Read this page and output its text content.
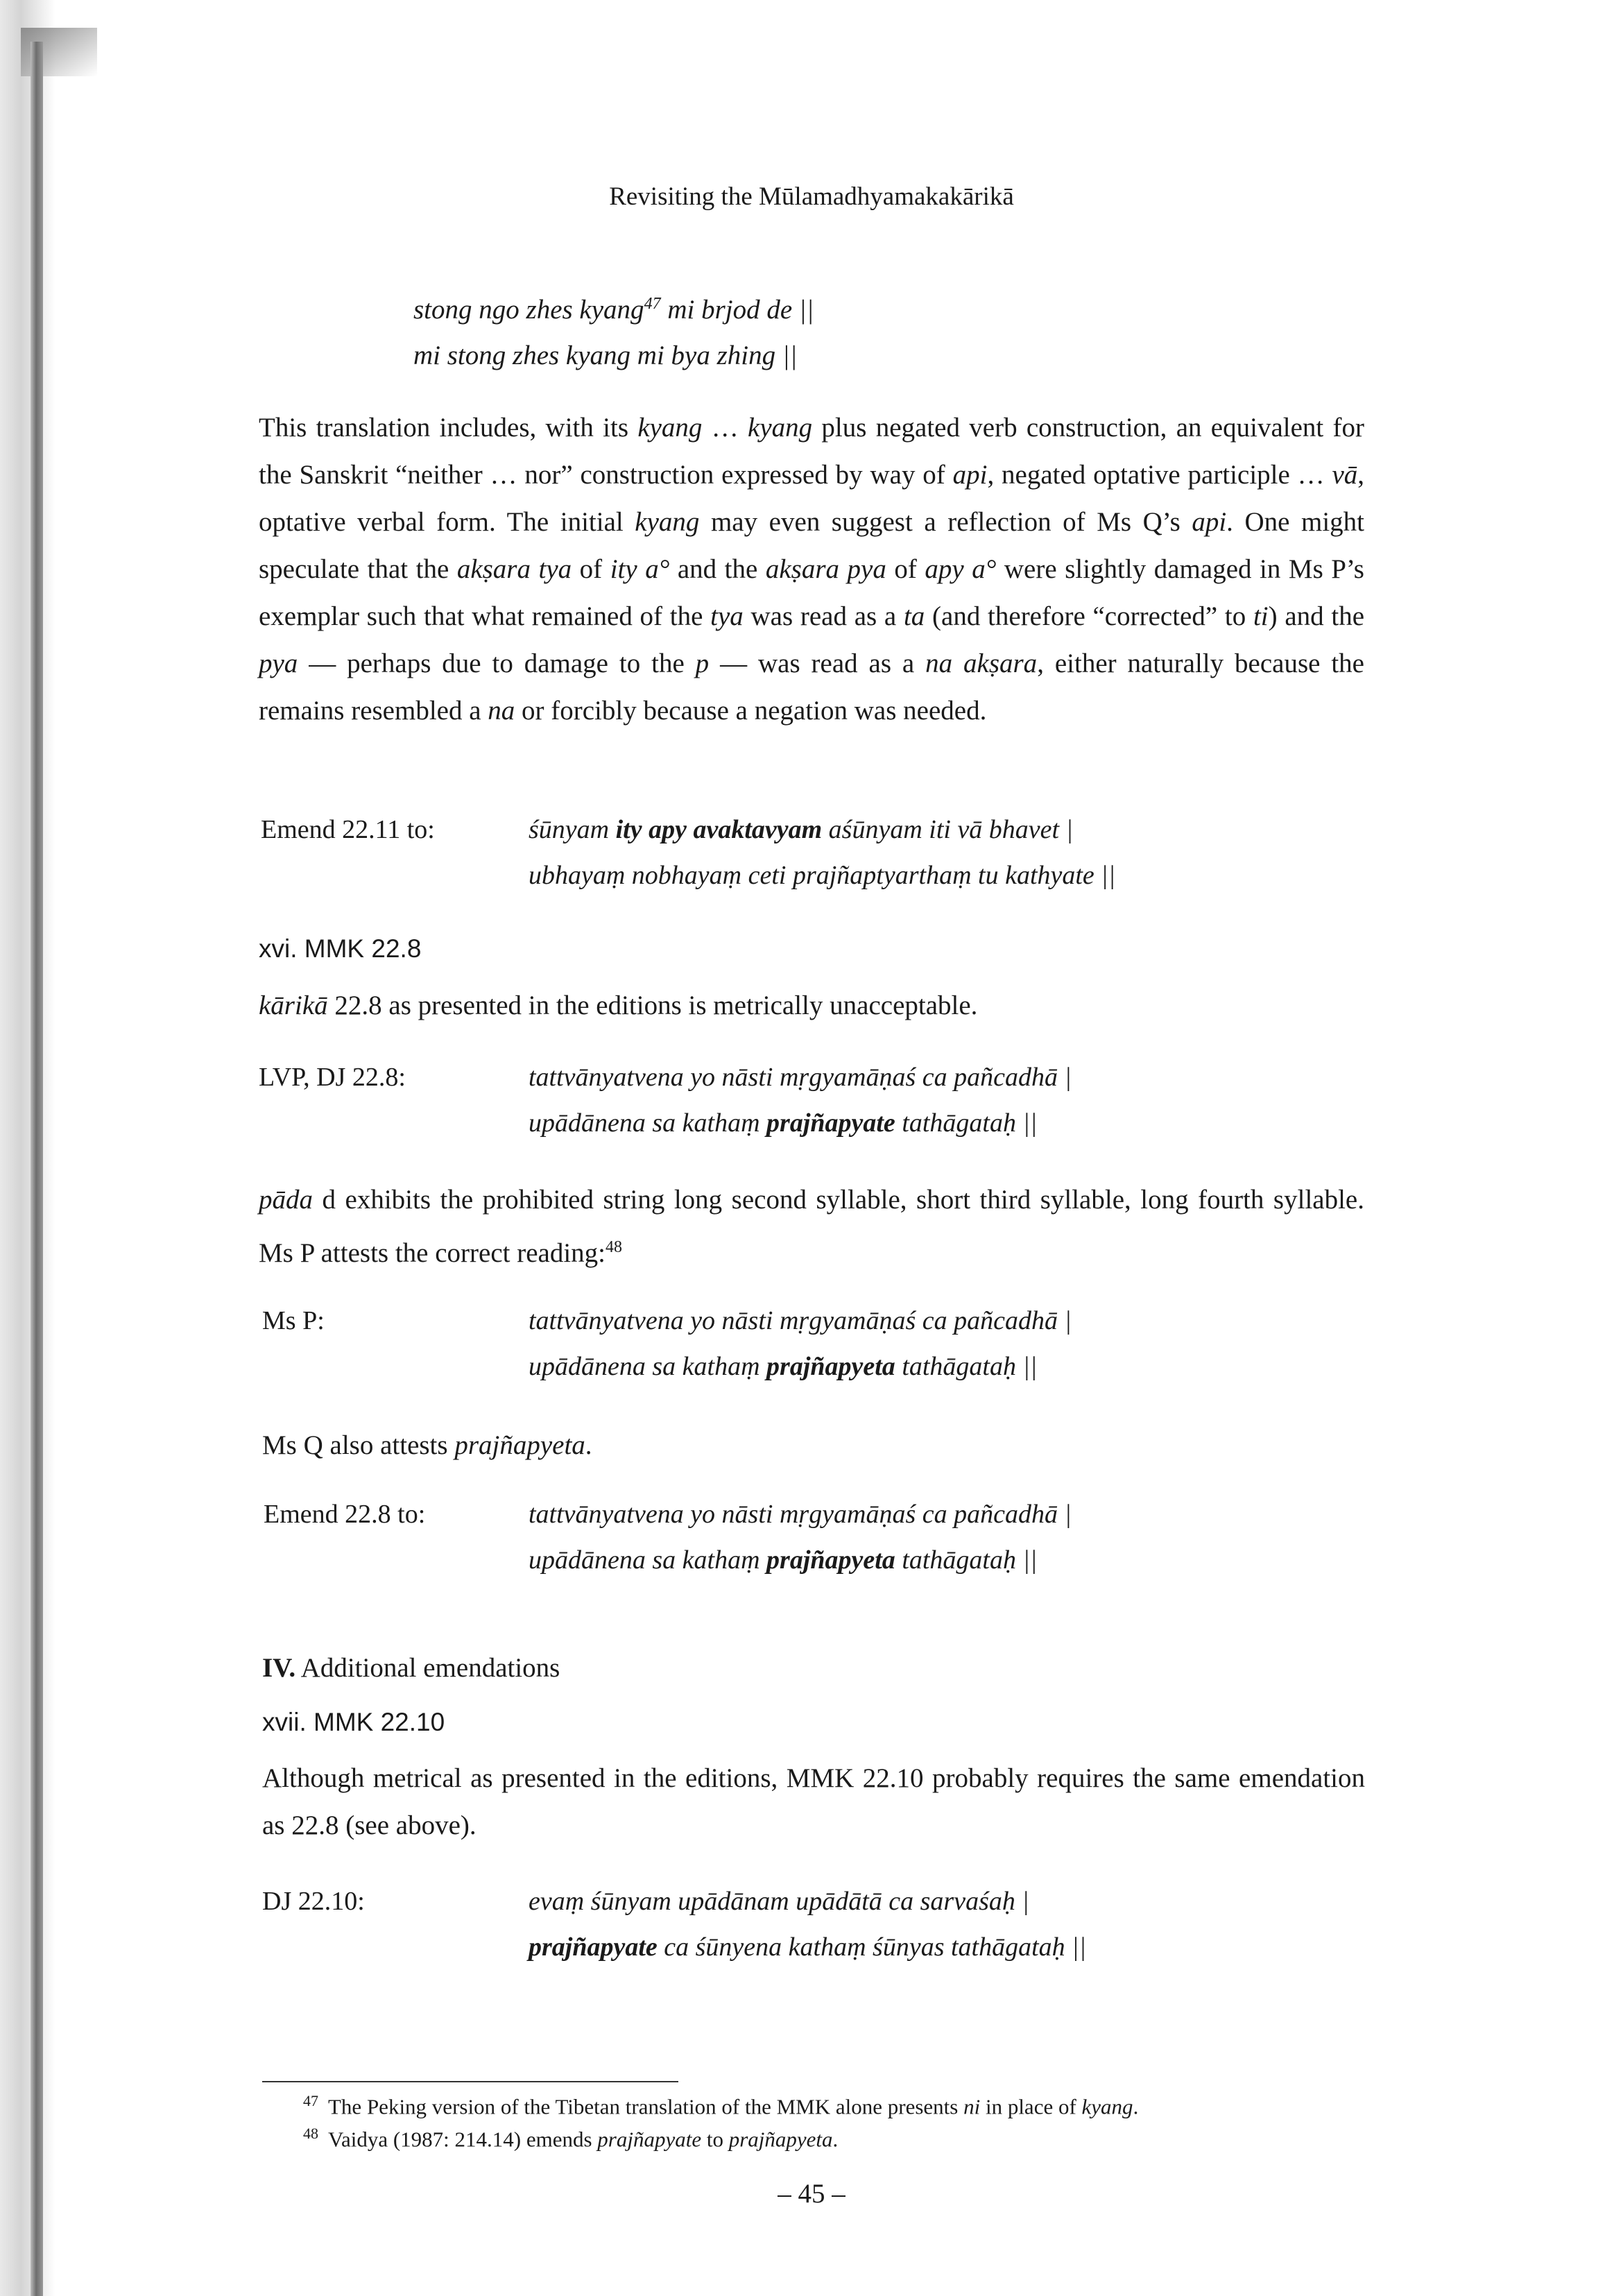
Revisiting the Mūlamadhyamakakārikā
stong ngo zhes kyang$^{47}$ mi brjod de ||
mi stong zhes kyang mi bya zhing ||
This translation includes, with its kyang … kyang plus negated verb construction, an equivalent for the Sanskrit “neither … nor” construction expressed by way of api, negated optative participle … vā, optative verbal form. The initial kyang may even suggest a reflection of Ms Q’s api. One might speculate that the akṣara tya of ity a° and the akṣara pya of apy a° were slightly damaged in Ms P’s exemplar such that what remained of the tya was read as a ta (and therefore “corrected” to ti) and the pya — perhaps due to damage to the p — was read as a na akṣara, either naturally because the remains resembled a na or forcibly because a negation was needed.
Emend 22.11 to:	śūnyam ity apy avaktavyam aśūnyam iti vā bhavet |
ubhayaṃ nobhayaṃ ceti prajñaptyarthaṃ tu kathyate ||
xvi. MMK 22.8
kārikā 22.8 as presented in the editions is metrically unacceptable.
LVP, DJ 22.8:	tattvānyatvena yo nāsti mṛgyamāṇaś ca pañcadhā |
upādānena sa kathaṃ prajñapyate tathāgataḥ ||
pāda d exhibits the prohibited string long second syllable, short third syllable, long fourth syllable. Ms P attests the correct reading:$^{48}$
Ms P:	tattvānyatvena yo nāsti mṛgyamāṇaś ca pañcadhā |
upādānena sa kathaṃ prajñapyeta tathāgataḥ ||
Ms Q also attests prajñapyeta.
Emend 22.8 to:	tattvānyatvena yo nāsti mṛgyamāṇaś ca pañcadhā |
upādānena sa kathaṃ prajñapyeta tathāgataḥ ||
IV. Additional emendations
xvii. MMK 22.10
Although metrical as presented in the editions, MMK 22.10 probably requires the same emendation as 22.8 (see above).
DJ 22.10:	evaṃ śūnyam upādānam upādātā ca sarvaśaḥ |
prajñapyate ca śūnyena kathaṃ śūnyas tathāgataḥ ||
$^{47}$ The Peking version of the Tibetan translation of the MMK alone presents ni in place of kyang.
$^{48}$ Vaidya (1987: 214.14) emends prajñapyate to prajñapyeta.
– 45 –
